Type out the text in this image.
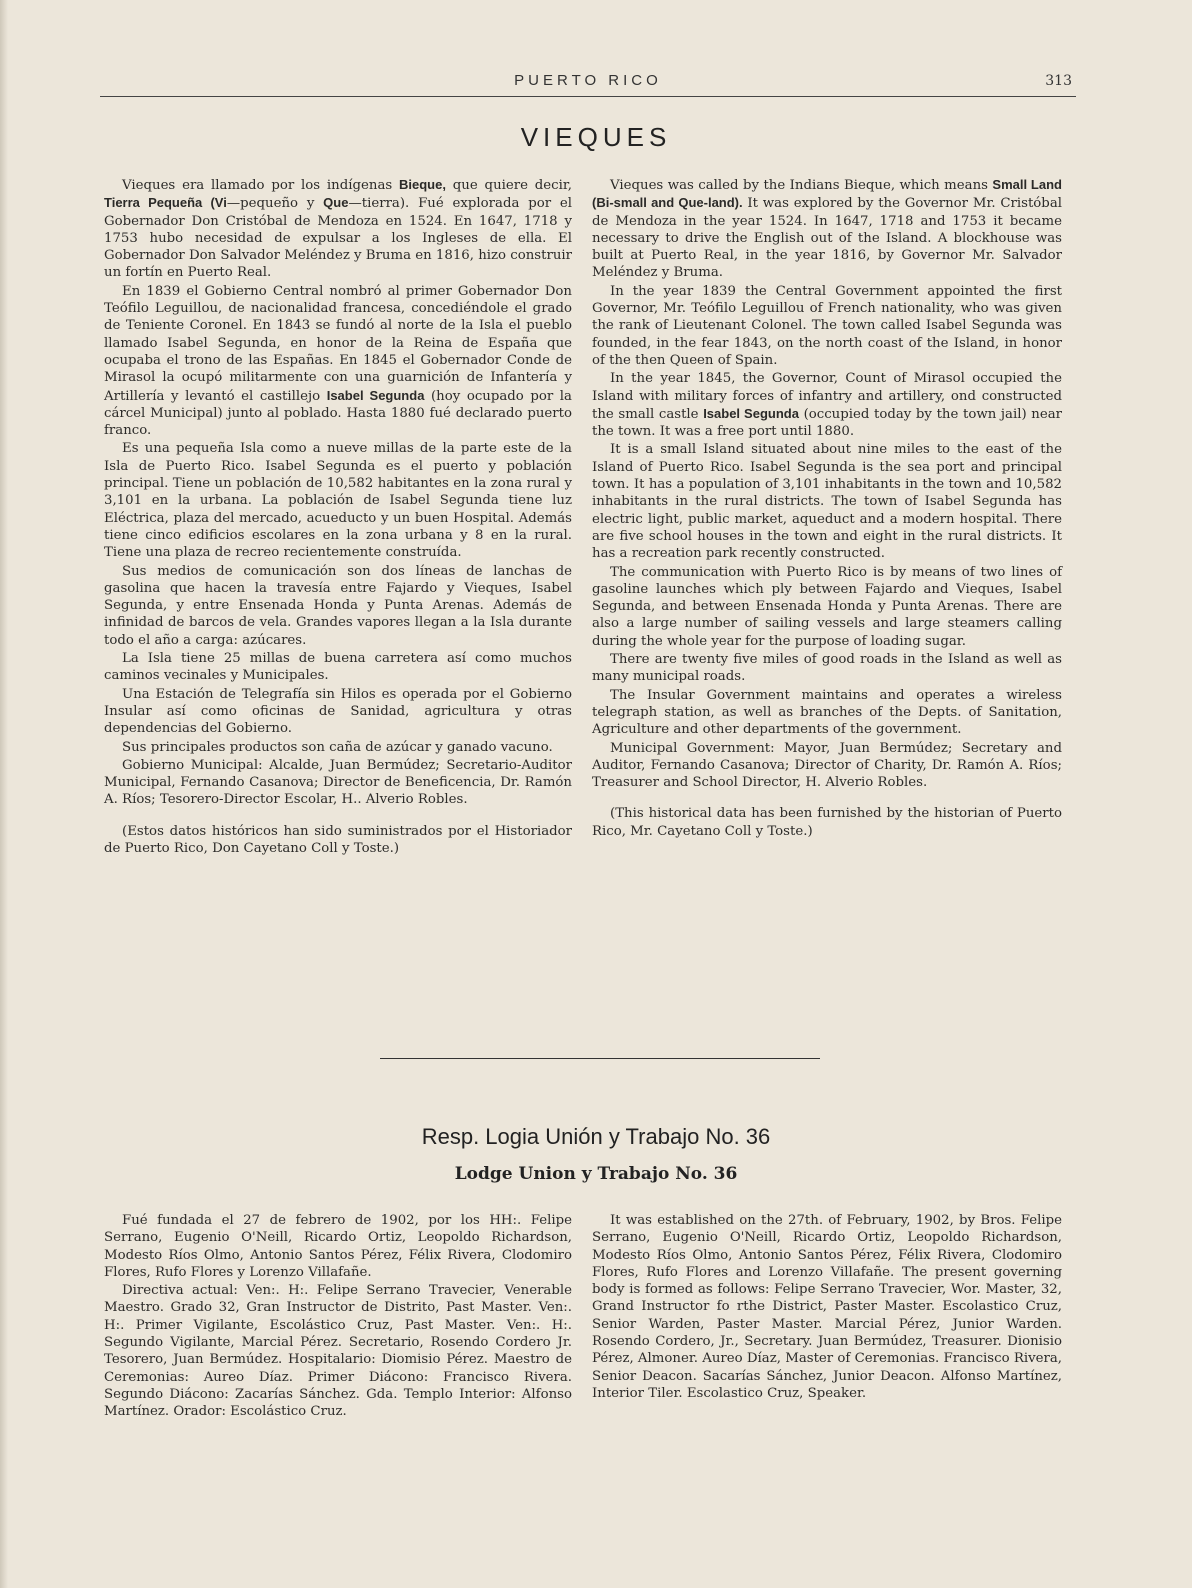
PUERTO RICO	313
VIEQUES

Vieques era llamado por los indígenas Bieque, que quiere decir, Tierra Pequeña (Vi—pequeño y Que—tierra). Fué explorada por el Gobernador Don Cristóbal de Mendoza en 1524. En 1647, 1718 y 1753 hubo necesidad de expulsar a los Ingleses de ella. El Gobernador Don Salvador Meléndez y Bruma en 1816, hizo construir un fortín en Puerto Real.

En 1839 el Gobierno Central nombró al primer Gobernador Don Teófilo Leguillou, de nacionalidad francesa, concediéndole el grado de Teniente Coronel. En 1843 se fundó al norte de la Isla el pueblo llamado Isabel Segunda, en honor de la Reina de España que ocupaba el trono de las Españas. En 1845 el Gobernador Conde de Mirasol la ocupó militarmente con una guarnición de Infantería y Artillería y levantó el castillejo Isabel Segunda (hoy ocupado por la cárcel Municipal) junto al poblado. Hasta 1880 fué declarado puerto franco.

Es una pequeña Isla como a nueve millas de la parte este de la Isla de Puerto Rico. Isabel Segunda es el puerto y población principal. Tiene un población de 10,582 habitantes en la zona rural y 3,101 en la urbana. La población de Isabel Segunda tiene luz Eléctrica, plaza del mercado, acueducto y un buen Hospital. Además tiene cinco edificios escolares en la zona urbana y 8 en la rural. Tiene una plaza de recreo recientemente construída.

Sus medios de comunicación son dos líneas de lanchas de gasolina que hacen la travesía entre Fajardo y Vieques, Isabel Segunda, y entre Ensenada Honda y Punta Arenas. Además de infinidad de barcos de vela. Grandes vapores llegan a la Isla durante todo el año a carga: azúcares.

La Isla tiene 25 millas de buena carretera así como muchos caminos vecinales y Municipales.

Una Estación de Telegrafía sin Hilos es operada por el Gobierno Insular así como oficinas de Sanidad, agricultura y otras dependencias del Gobierno.

Sus principales productos son caña de azúcar y ganado vacuno.

Gobierno Municipal: Alcalde, Juan Bermúdez; Secretario-Auditor Municipal, Fernando Casanova; Director de Beneficencia, Dr. Ramón A. Ríos; Tesorero-Director Escolar, H.. Alverio Robles.

(Estos datos históricos han sido suministrados por el Historiador de Puerto Rico, Don Cayetano Coll y Toste.)

Vieques was called by the Indians Bieque, which means Small Land (Bi-small and Que-land). It was explored by the Governor Mr. Cristóbal de Mendoza in the year 1524. In 1647, 1718 and 1753 it became necessary to drive the English out of the Island. A blockhouse was built at Puerto Real, in the year 1816, by Governor Mr. Salvador Meléndez y Bruma.

In the year 1839 the Central Government appointed the first Governor, Mr. Teófilo Leguillou of French nationality, who was given the rank of Lieutenant Colonel. The town called Isabel Segunda was founded, in the fear 1843, on the north coast of the Island, in honor of the then Queen of Spain.

In the year 1845, the Governor, Count of Mirasol occupied the Island with military forces of infantry and artillery, ond constructed the small castle Isabel Segunda (occupied today by the town jail) near the town. It was a free port until 1880.

It is a small Island situated about nine miles to the east of the Island of Puerto Rico. Isabel Segunda is the sea port and principal town. It has a population of 3,101 inhabitants in the town and 10,582 inhabitants in the rural districts. The town of Isabel Segunda has electric light, public market, aqueduct and a modern hospital. There are five school houses in the town and eight in the rural districts. It has a recreation park recently constructed.

The communication with Puerto Rico is by means of two lines of gasoline launches which ply between Fajardo and Vieques, Isabel Segunda, and between Ensenada Honda y Punta Arenas. There are also a large number of sailing vessels and large steamers calling during the whole year for the purpose of loading sugar.

There are twenty five miles of good roads in the Island as well as many municipal roads.

The Insular Government maintains and operates a wireless telegraph station, as well as branches of the Depts. of Sanitation, Agriculture and other departments of the government.

Municipal Government: Mayor, Juan Bermúdez; Secretary and Auditor, Fernando Casanova; Director of Charity, Dr. Ramón A. Ríos; Treasurer and School Director, H. Alverio Robles.

(This historical data has been furnished by the historian of Puerto Rico, Mr. Cayetano Coll y Toste.)

Resp. Logia Unión y Trabajo No. 36
Lodge Union y Trabajo No. 36

Fué fundada el 27 de febrero de 1902, por los HH:. Felipe Serrano, Eugenio O'Neill, Ricardo Ortiz, Leopoldo Richardson, Modesto Ríos Olmo, Antonio Santos Pérez, Félix Rivera, Clodomiro Flores, Rufo Flores y Lorenzo Villafañe.

Directiva actual: Ven:. H:. Felipe Serrano Travecier, Venerable Maestro. Grado 32, Gran Instructor de Distrito, Past Master. Ven:. H:. Primer Vigilante, Escolástico Cruz, Past Master. Ven:. H:. Segundo Vigilante, Marcial Pérez. Secretario, Rosendo Cordero Jr. Tesorero, Juan Bermúdez. Hospitalario: Diomisio Pérez. Maestro de Ceremonias: Aureo Díaz. Primer Diácono: Francisco Rivera. Segundo Diácono: Zacarías Sánchez. Gda. Templo Interior: Alfonso Martínez. Orador: Escolástico Cruz.

It was established on the 27th. of February, 1902, by Bros. Felipe Serrano, Eugenio O'Neill, Ricardo Ortiz, Leopoldo Richardson, Modesto Ríos Olmo, Antonio Santos Pérez, Félix Rivera, Clodomiro Flores, Rufo Flores and Lorenzo Villafañe. The present governing body is formed as follows: Felipe Serrano Travecier, Wor. Master, 32, Grand Instructor fo rthe District, Paster Master. Escolastico Cruz, Senior Warden, Paster Master. Marcial Pérez, Junior Warden. Rosendo Cordero, Jr., Secretary. Juan Bermúdez, Treasurer. Dionisio Pérez, Almoner. Aureo Díaz, Master of Ceremonias. Francisco Rivera, Senior Deacon. Sacarías Sánchez, Junior Deacon. Alfonso Martínez, Interior Tiler. Escolastico Cruz, Speaker.
